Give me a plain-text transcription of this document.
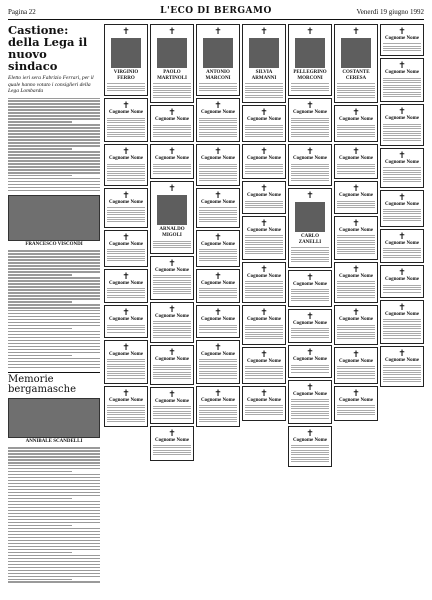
Pagina 22	L'ECO DI BERGAMO	Venerdì 19 giugno 1992
Castione: della Lega il nuovo sindaco
Eletto ieri sera Fabrizio Ferrari, per il quale hanno votato i consiglieri della Lega Lombarda
FRANCESCO VISCONDI
Memorie bergamasche
ANNIBALE SCANDELLI
✝
VIRGINIO FERRO
✝
Cognome Nome
✝
Cognome Nome
✝
Cognome Nome
✝
Cognome Nome
✝
Cognome Nome
✝
Cognome Nome
✝
Cognome Nome
✝
Cognome Nome
✝
PAOLO MARTINOLI
✝
Cognome Nome
✝
Cognome Nome
✝
ARNALDO MIGOLI
✝
Cognome Nome
✝
Cognome Nome
✝
Cognome Nome
✝
Cognome Nome
✝
Cognome Nome
✝
ANTONIO MARCONI
✝
Cognome Nome
✝
Cognome Nome
✝
Cognome Nome
✝
Cognome Nome
✝
Cognome Nome
✝
Cognome Nome
✝
Cognome Nome
✝
Cognome Nome
✝
SILVIA ARMANNI
✝
Cognome Nome
✝
Cognome Nome
✝
Cognome Nome
✝
Cognome Nome
✝
Cognome Nome
✝
Cognome Nome
✝
Cognome Nome
✝
Cognome Nome
✝
PELLEGRINO MORCONI
✝
Cognome Nome
✝
Cognome Nome
✝
CARLO ZANELLI
✝
Cognome Nome
✝
Cognome Nome
✝
Cognome Nome
✝
Cognome Nome
✝
Cognome Nome
✝
COSTANTE CERESA
✝
Cognome Nome
✝
Cognome Nome
✝
Cognome Nome
✝
Cognome Nome
✝
Cognome Nome
✝
Cognome Nome
✝
Cognome Nome
✝
Cognome Nome
✝
Cognome Nome
✝
Cognome Nome
✝
Cognome Nome
✝
Cognome Nome
✝
Cognome Nome
✝
Cognome Nome
✝
Cognome Nome
✝
Cognome Nome
✝
Cognome Nome
